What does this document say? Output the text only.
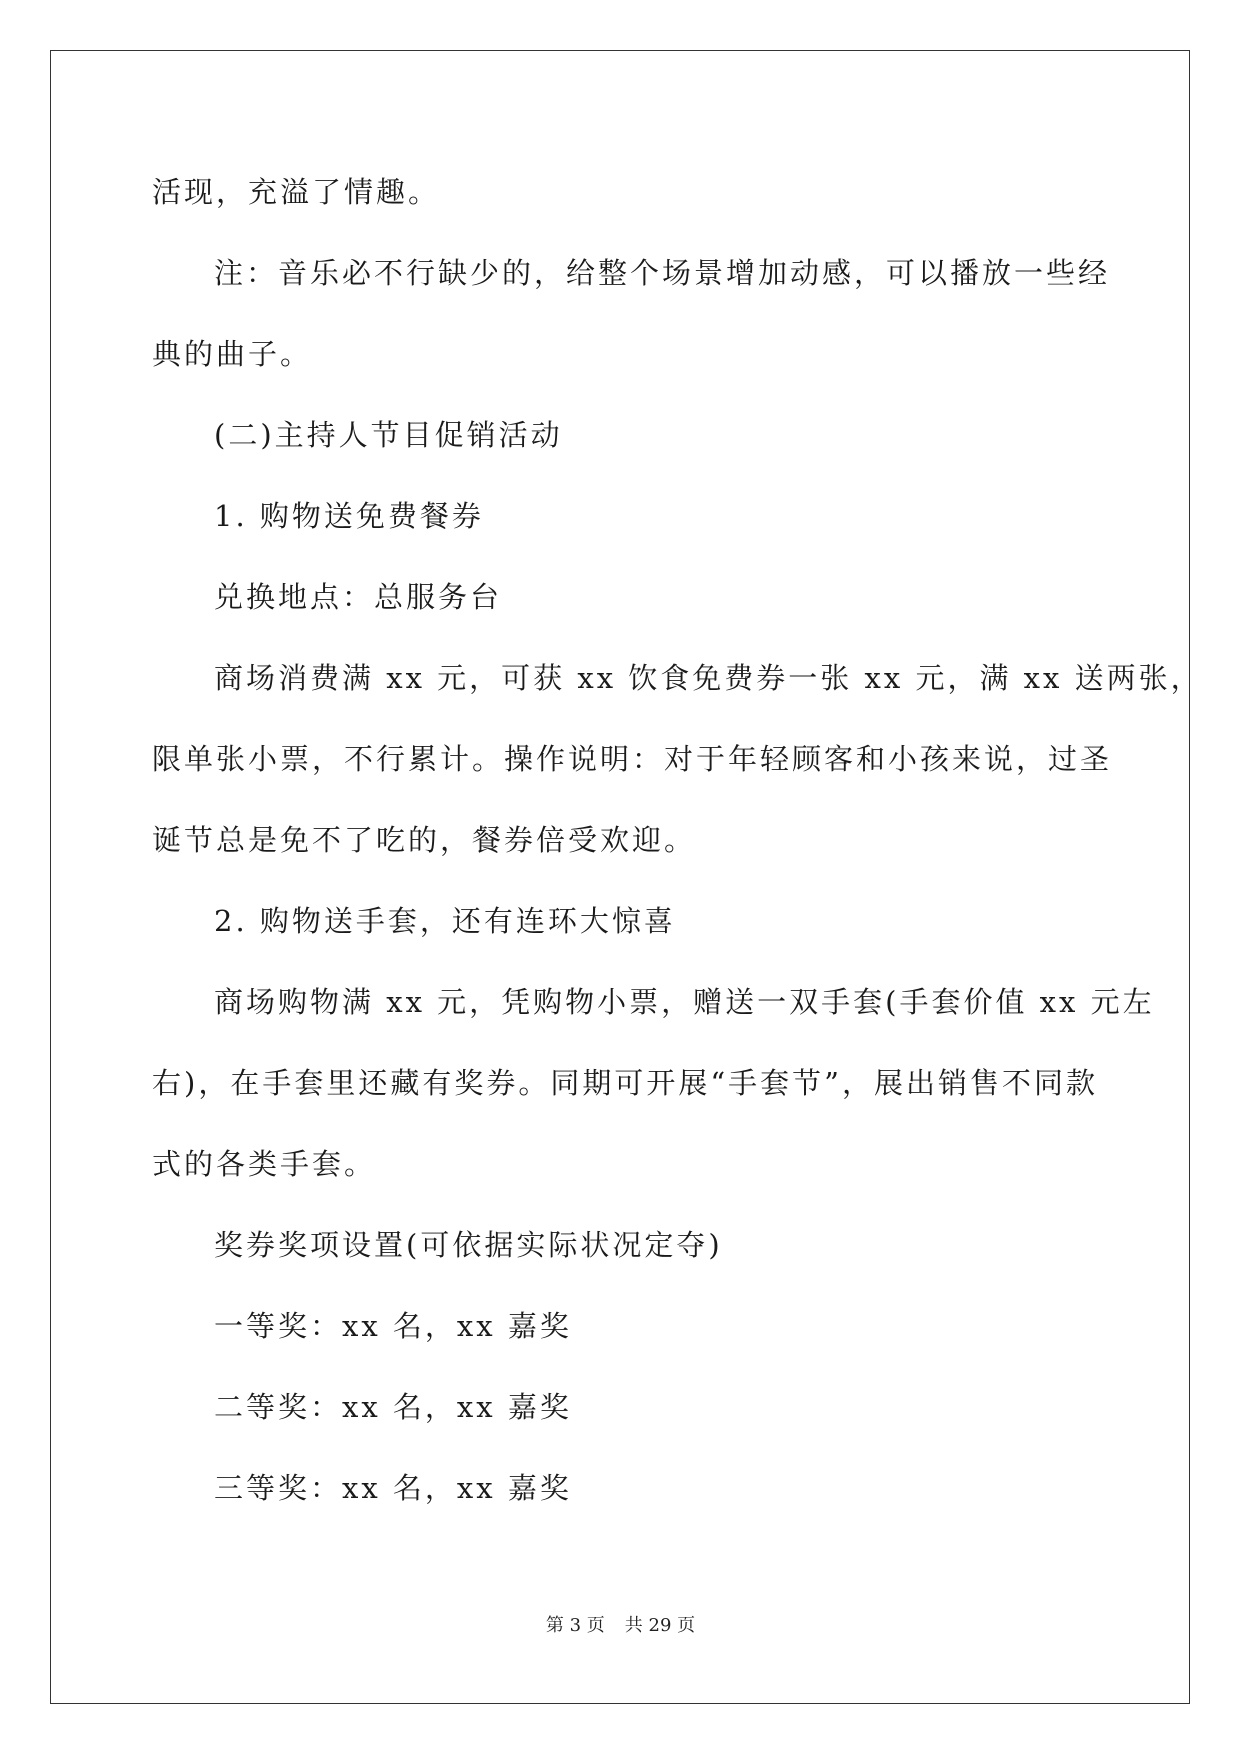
活现，充溢了情趣。

注：音乐必不行缺少的，给整个场景增加动感，可以播放一些经

典的曲子。

(二)主持人节目促销活动

1. 购物送免费餐券

兑换地点：总服务台

商场消费满 xx 元，可获 xx 饮食免费券一张 xx 元，满 xx 送两张，

限单张小票，不行累计。操作说明：对于年轻顾客和小孩来说，过圣

诞节总是免不了吃的，餐券倍受欢迎。

2. 购物送手套，还有连环大惊喜

商场购物满 xx 元，凭购物小票，赠送一双手套(手套价值 xx 元左

右)，在手套里还藏有奖券。同期可开展“手套节”，展出销售不同款

式的各类手套。

奖券奖项设置(可依据实际状况定夺)

一等奖：xx 名，xx 嘉奖

二等奖：xx 名，xx 嘉奖

三等奖：xx 名，xx 嘉奖

第 3 页 共 29 页
